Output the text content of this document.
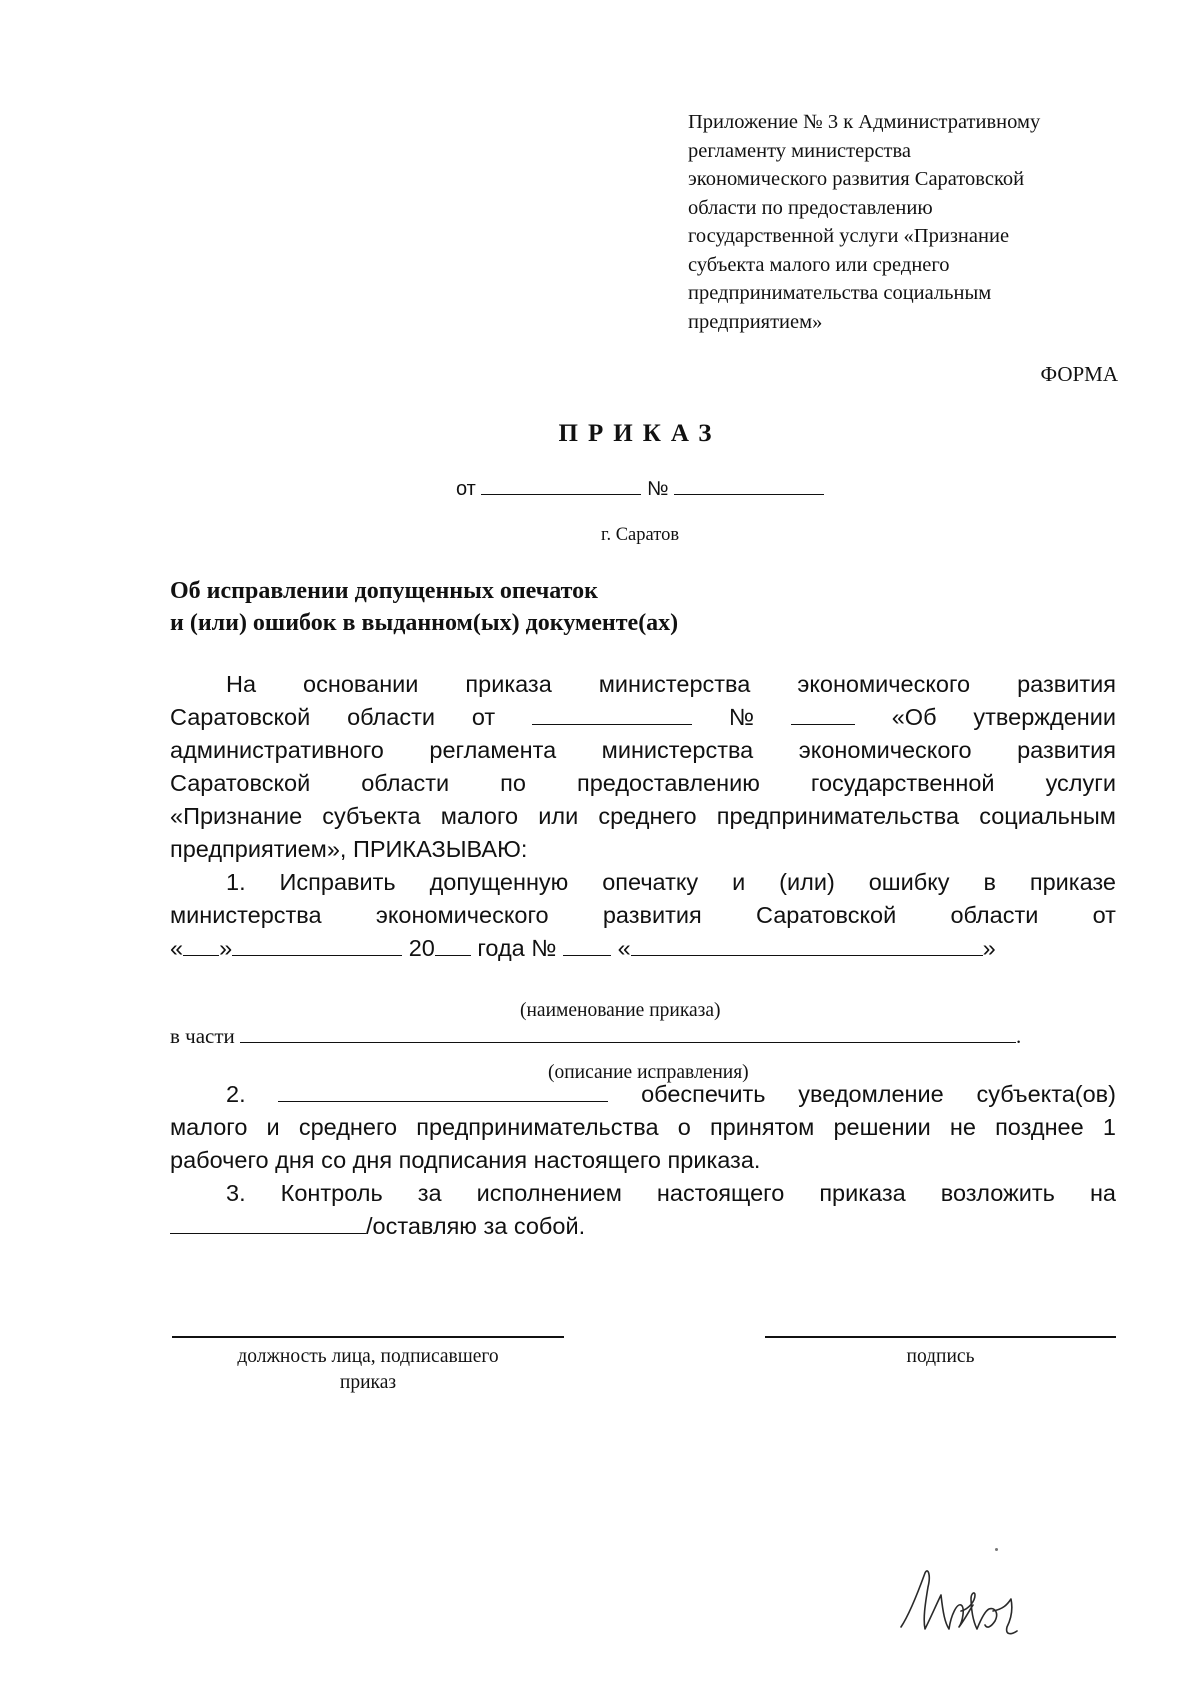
Приложение № 3 к Административному
регламенту министерства
экономического развития Саратовской
области по предоставлению
государственной услуги «Признание
субъекта малого или среднего
предпринимательства социальным
предприятием»
ФОРМА
ПРИКАЗ
от	№
г. Саратов
Об исправлении допущенных опечаток
и (или) ошибок в выданном(ых) документе(ах)
На основании приказа министерства экономического развития
Саратовской области от	№	«Об утверждении
административного регламента министерства экономического развития
Саратовской области по предоставлению государственной услуги
«Признание субъекта малого или среднего предпринимательства социальным
предприятием», ПРИКАЗЫВАЮ:
1. Исправить допущенную опечатку и (или) ошибку в приказе
министерства экономического развития Саратовской области от
« »	20 года №	«	»
(наименование приказа)
в части	.
(описание исправления)
2.	обеспечить уведомление субъекта(ов)
малого и среднего предпринимательства о принятом решении не позднее 1
рабочего дня со дня подписания настоящего приказа.
3. Контроль за исполнением настоящего приказа возложить на
/оставляю за собой.
должность лица, подписавшего
приказ
подпись
